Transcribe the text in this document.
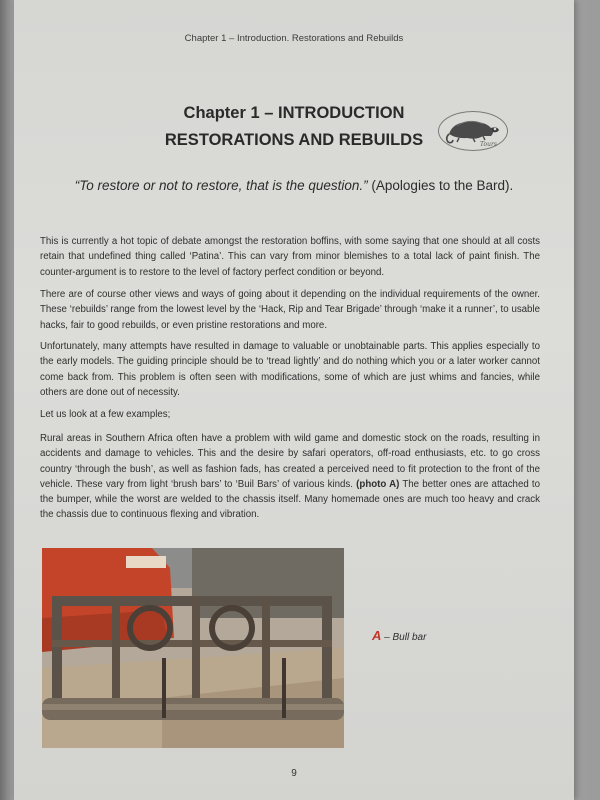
Chapter 1 – Introduction. Restorations and Rebuilds
Chapter 1 – INTRODUCTION
RESTORATIONS AND REBUILDS	Tours
“To restore or not to restore, that is the question.” (Apologies to the Bard).

This is currently a hot topic of debate amongst the restoration boffins, with some saying that one should at all costs retain that undefined thing called ‘Patina’. This can vary from minor blemishes to a total lack of paint finish. The counter-argument is to restore to the level of factory perfect condition or beyond.

There are of course other views and ways of going about it depending on the individual requirements of the owner. These ‘rebuilds’ range from the lowest level by the ‘Hack, Rip and Tear Brigade’ through ‘make it a runner’, to usable hacks, fair to good rebuilds, or even pristine restorations and more.

Unfortunately, many attempts have resulted in damage to valuable or unobtainable parts. This applies especially to the early models. The guiding principle should be to ‘tread lightly’ and do nothing which you or a later worker cannot come back from. This problem is often seen with modifications, some of which are just whims and fancies, while others are done out of necessity.

Let us look at a few examples;

Rural areas in Southern Africa often have a problem with wild game and domestic stock on the roads, resulting in accidents and damage to vehicles. This and the desire by safari operators, off-road enthusiasts, etc. to go cross country ‘through the bush’, as well as fashion fads, has created a perceived need to fit protection to the front of the vehicle. These vary from light ‘brush bars’ to ‘Buil Bars’ of various kinds. (photo A) The better ones are attached to the bumper, while the worst are welded to the chassis itself. Many homemade ones are much too heavy and crack the chassis due to continuous flexing and vibration.

A – Bull bar
9
